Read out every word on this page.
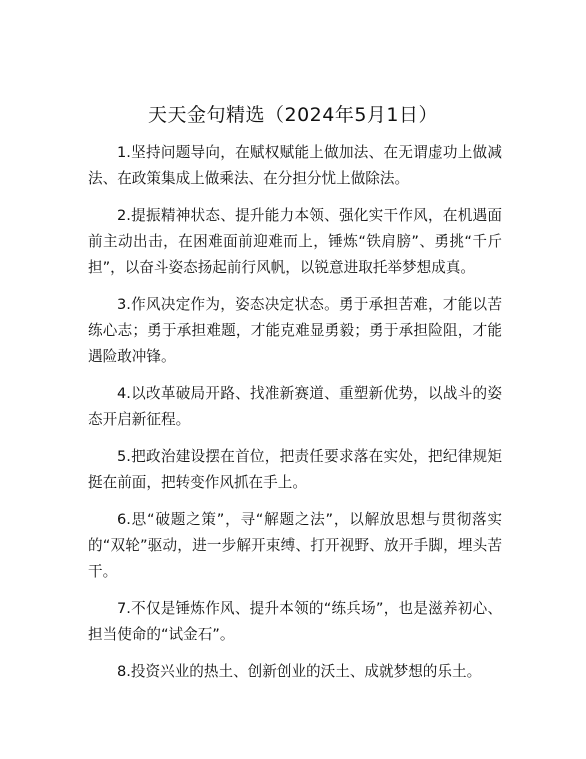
天天金句精选（2024年5月1日）

1.坚持问题导向，在赋权赋能上做加法、在无谓虚功上做减法、在政策集成上做乘法、在分担分忧上做除法。

2.提振精神状态、提升能力本领、强化实干作风，在机遇面前主动出击，在困难面前迎难而上，锤炼“铁肩膀”、勇挑“千斤担”，以奋斗姿态扬起前行风帆，以锐意进取托举梦想成真。

3.作风决定作为，姿态决定状态。勇于承担苦难，才能以苦练心志；勇于承担难题，才能克难显勇毅；勇于承担险阻，才能遇险敢冲锋。

4.以改革破局开路、找准新赛道、重塑新优势，以战斗的姿态开启新征程。

5.把政治建设摆在首位，把责任要求落在实处，把纪律规矩挺在前面，把转变作风抓在手上。

6.思“破题之策”，寻“解题之法”，以解放思想与贯彻落实的“双轮”驱动，进一步解开束缚、打开视野、放开手脚，埋头苦干。

7.不仅是锤炼作风、提升本领的“练兵场”，也是滋养初心、担当使命的“试金石”。

8.投资兴业的热土、创新创业的沃土、成就梦想的乐土。
